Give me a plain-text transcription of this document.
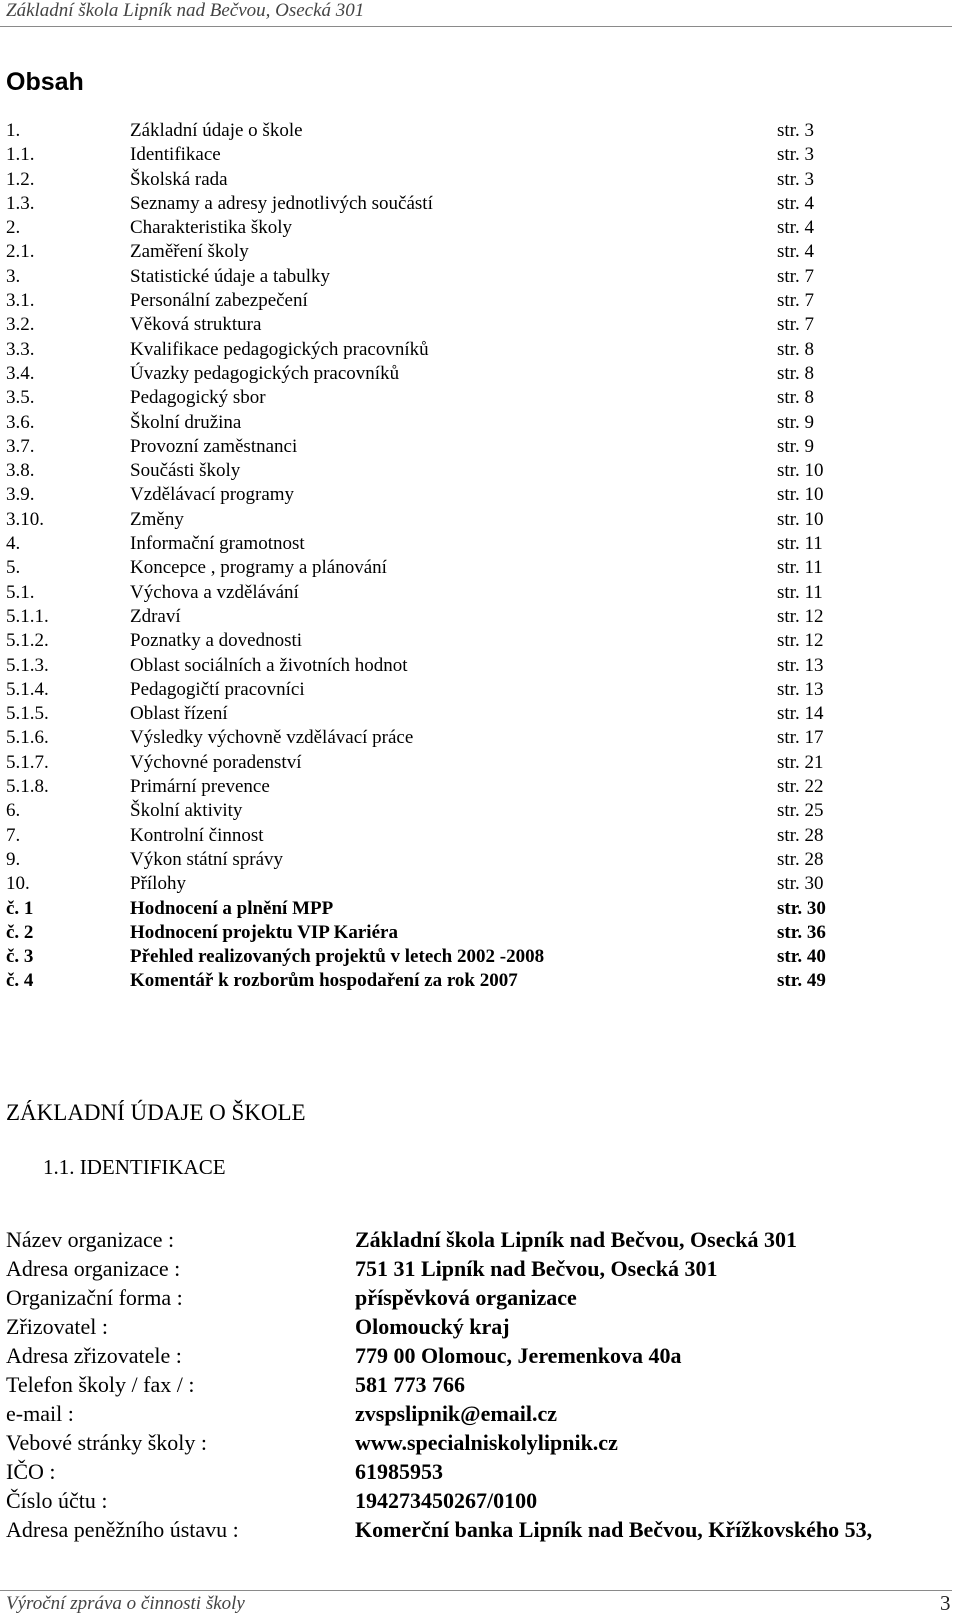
Základní škola Lipník nad Bečvou, Osecká 301
Obsah
1.	Základní údaje o škole	str. 3
1.1.	Identifikace	str. 3
1.2.	Školská rada	str. 3
1.3.	Seznamy a adresy jednotlivých součástí	str. 4
2.	Charakteristika školy	str. 4
2.1.	Zaměření školy	str. 4
3.	Statistické údaje a tabulky	str. 7
3.1.	Personální zabezpečení	str. 7
3.2.	Věková struktura	str. 7
3.3.	Kvalifikace pedagogických pracovníků	str. 8
3.4.	Úvazky pedagogických pracovníků	str. 8
3.5.	Pedagogický sbor	str. 8
3.6.	Školní družina	str. 9
3.7.	Provozní zaměstnanci	str. 9
3.8.	Součásti školy	str. 10
3.9.	Vzdělávací programy	str. 10
3.10.	Změny	str. 10
4.	Informační gramotnost	str. 11
5.	Koncepce , programy a plánování	str. 11
5.1.	Výchova a vzdělávání	str. 11
5.1.1.	Zdraví	str. 12
5.1.2.	Poznatky a dovednosti	str. 12
5.1.3.	Oblast sociálních a životních hodnot	str. 13
5.1.4.	Pedagogičtí pracovníci	str. 13
5.1.5.	Oblast řízení	str. 14
5.1.6.	Výsledky výchovně vzdělávací práce	str. 17
5.1.7.	Výchovné poradenství	str. 21
5.1.8.	Primární prevence	str. 22
6.	Školní aktivity	str. 25
7.	Kontrolní činnost	str. 28
9.	Výkon státní správy	str. 28
10.	Přílohy	str. 30
č. 1	Hodnocení a plnění MPP	str. 30
č. 2	Hodnocení projektu VIP Kariéra	str. 36
č. 3	Přehled realizovaných projektů v letech 2002 -2008	str. 40
č. 4	Komentář k rozborům hospodaření za rok 2007	str. 49
ZÁKLADNÍ ÚDAJE O ŠKOLE
1.1. IDENTIFIKACE
Název organizace :	Základní škola Lipník nad Bečvou, Osecká 301
Adresa organizace :	751 31 Lipník nad Bečvou, Osecká 301
Organizační forma :	příspěvková organizace
Zřizovatel :	Olomoucký kraj
Adresa zřizovatele :	779 00 Olomouc, Jeremenkova 40a
Telefon školy / fax / :	581 773 766
e-mail :	zvspslipnik@email.cz
Vebové stránky školy :	www.specialniskolylipnik.cz
IČO :	61985953
Číslo účtu :	194273450267/0100
Adresa peněžního ústavu :	Komerční banka Lipník nad Bečvou, Křížkovského 53,
Výroční zpráva o činnosti školy	3
